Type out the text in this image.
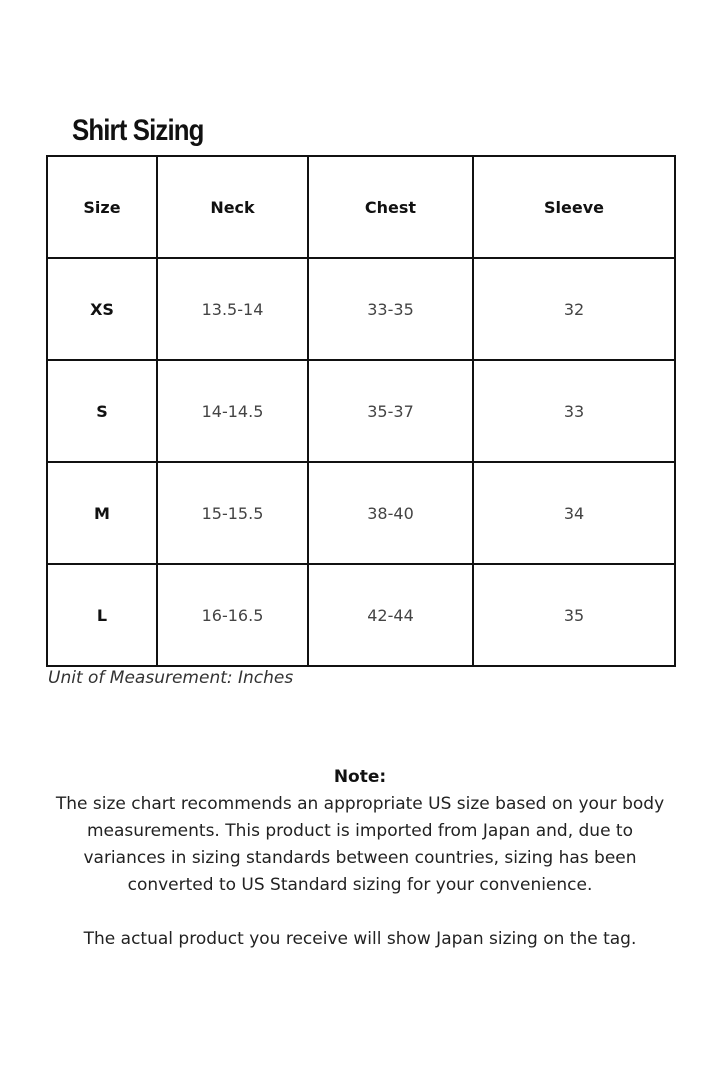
Shirt Sizing
Size	Neck	Chest	Sleeve
XS	13.5-14	33-35	32
S	14-14.5	35-37	33
M	15-15.5	38-40	34
L	16-16.5	42-44	35

Unit of Measurement: Inches

Note:

The size chart recommends an appropriate US size based on your body measurements. This product is imported from Japan and, due to variances in sizing standards between countries, sizing has been converted to US Standard sizing for your convenience.

The actual product you receive will show Japan sizing on the tag.
